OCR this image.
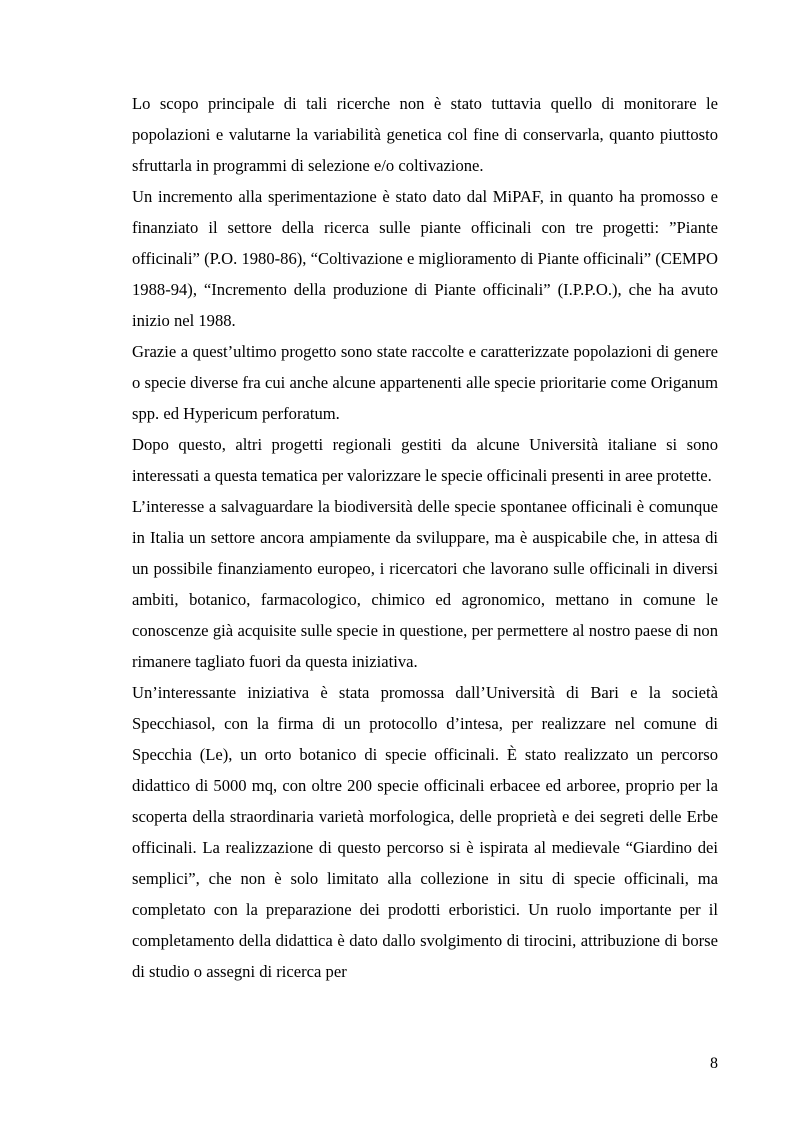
Lo scopo principale di tali ricerche non è stato tuttavia quello di monitorare le popolazioni e valutarne la variabilità genetica col fine di conservarla, quanto piuttosto sfruttarla in programmi di selezione e/o coltivazione.

Un incremento alla sperimentazione è stato dato dal MiPAF, in quanto ha promosso e finanziato il settore della ricerca sulle piante officinali con tre progetti: ”Piante officinali” (P.O. 1980-86), “Coltivazione e miglioramento di Piante officinali” (CEMPO 1988-94), “Incremento della produzione di Piante officinali” (I.P.P.O.), che ha avuto inizio nel 1988.

Grazie a quest’ultimo progetto sono state raccolte e caratterizzate popolazioni di genere o specie diverse fra cui anche alcune appartenenti alle specie prioritarie come Origanum spp. ed Hypericum perforatum.

Dopo questo, altri progetti regionali gestiti da alcune Università italiane si sono interessati a questa tematica per valorizzare le specie officinali presenti in aree protette.

L’interesse a salvaguardare la biodiversità delle specie spontanee officinali è comunque in Italia un settore ancora ampiamente da sviluppare, ma è auspicabile che, in attesa di un possibile finanziamento europeo, i ricercatori che lavorano sulle officinali in diversi ambiti, botanico, farmacologico, chimico ed agronomico, mettano in comune le conoscenze già acquisite sulle specie in questione, per permettere al nostro paese di non rimanere tagliato fuori da questa iniziativa.

Un’interessante iniziativa è stata promossa dall’Università di Bari e la società Specchiasol, con la firma di un protocollo d’intesa, per realizzare nel comune di Specchia (Le), un orto botanico di specie officinali. È stato realizzato un percorso didattico di 5000 mq, con oltre 200 specie officinali erbacee ed arboree, proprio per la scoperta della straordinaria varietà morfologica, delle proprietà e dei segreti delle Erbe officinali. La realizzazione di questo percorso si è ispirata al medievale “Giardino dei semplici”, che non è solo limitato alla collezione in situ di specie officinali, ma completato con la preparazione dei prodotti erboristici. Un ruolo importante per il completamento della didattica è dato dallo svolgimento di tirocini, attribuzione di borse di studio o assegni di ricerca per

8
